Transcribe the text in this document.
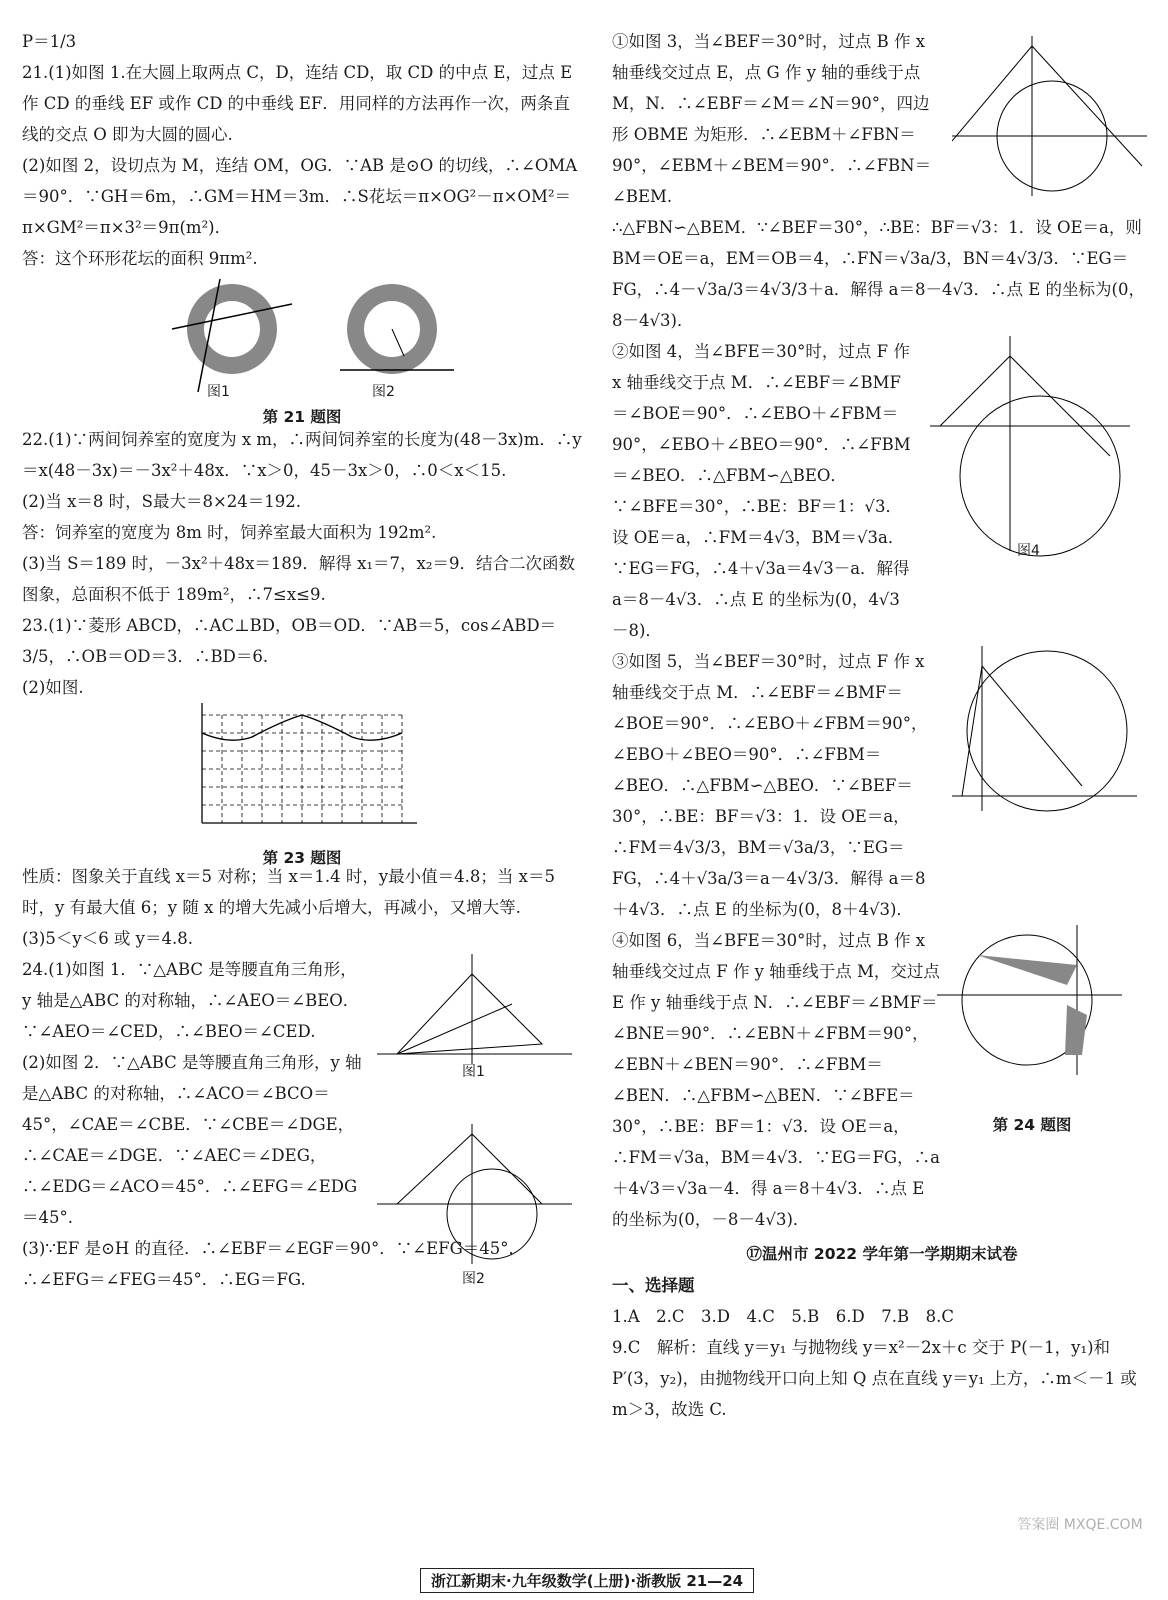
P＝1/3

21.(1)如图 1.在大圆上取两点 C，D，连结 CD，取 CD 的中点 E，过点 E 作 CD 的垂线 EF 或作 CD 的中垂线 EF．用同样的方法再作一次，两条直线的交点 O 即为大圆的圆心.

(2)如图 2，设切点为 M，连结 OM，OG．∵AB 是⊙O 的切线，∴∠OMA＝90°．∵GH＝6m，∴GM＝HM＝3m．∴S花坛＝π×OG²－π×OM²＝π×GM²＝π×3²＝9π(m²)．

答：这个环形花坛的面积 9πm².

图1	图2
第 21 题图

22.(1)∵两间饲养室的宽度为 x m，∴两间饲养室的长度为(48－3x)m．∴y＝x(48－3x)＝－3x²＋48x．∵x＞0，45－3x＞0，∴0＜x＜15.

(2)当 x＝8 时，S最大＝8×24＝192.

答：饲养室的宽度为 8m 时，饲养室最大面积为 192m².

(3)当 S＝189 时，－3x²＋48x＝189．解得 x₁＝7，x₂＝9．结合二次函数图象，总面积不低于 189m²，∴7≤x≤9.

23.(1)∵菱形 ABCD，∴AC⊥BD，OB＝OD．∵AB＝5，cos∠ABD＝3/5，∴OB＝OD＝3．∴BD＝6.

(2)如图.

第 23 题图

性质：图象关于直线 x＝5 对称；当 x＝1.4 时，y最小值＝4.8；当 x＝5 时，y 有最大值 6；y 随 x 的增大先减小后增大，再减小，又增大等.

(3)5＜y＜6 或 y＝4.8.

24.(1)如图 1．∵△ABC 是等腰直角三角形，y 轴是△ABC 的对称轴，∴∠AEO＝∠BEO．∵∠AEO＝∠CED，∴∠BEO＝∠CED.

(2)如图 2．∵△ABC 是等腰直角三角形，y 轴是△ABC 的对称轴，∴∠ACO＝∠BCO＝45°，∠CAE＝∠CBE．∵∠CBE＝∠DGE，∴∠CAE＝∠DGE．∵∠AEC＝∠DEG，∴∠EDG＝∠ACO＝45°．∴∠EFG＝∠EDG＝45°.

(3)∵EF 是⊙H 的直径．∴∠EBF＝∠EGF＝90°．∵∠EFG＝45°．∴∠EFG＝∠FEG＝45°．∴EG＝FG.

图1
图2

①如图 3，当∠BEF＝30°时，过点 B 作 x 轴垂线交过点 E，点 G 作 y 轴的垂线于点 M，N．∴∠EBF＝∠M＝∠N＝90°，四边形 OBME 为矩形．∴∠EBM＋∠FBN＝90°，∠EBM＋∠BEM＝90°．∴∠FBN＝∠BEM.

∴△FBN∽△BEM．∵∠BEF＝30°，∴BE：BF＝√3：1．设 OE＝a，则 BM＝OE＝a，EM＝OB＝4，∴FN＝√3a/3，BN＝4√3/3．∵EG＝FG，∴4－√3a/3＝4√3/3＋a．解得 a＝8－4√3．∴点 E 的坐标为(0，8－4√3)．

②如图 4，当∠BFE＝30°时，过点 F 作 x 轴垂线交于点 M．∴∠EBF＝∠BMF＝∠BOE＝90°．∴∠EBO＋∠FBM＝90°，∠EBO＋∠BEO＝90°．∴∠FBM＝∠BEO．∴△FBM∽△BEO．∵∠BFE＝30°，∴BE：BF＝1：√3．设 OE＝a，∴FM＝4√3，BM＝√3a．∵EG＝FG，∴4＋√3a＝4√3－a．解得 a＝8－4√3．∴点 E 的坐标为(0，4√3－8)．

图4

③如图 5，当∠BEF＝30°时，过点 F 作 x 轴垂线交于点 M．∴∠EBF＝∠BMF＝∠BOE＝90°．∴∠EBO＋∠FBM＝90°，∠EBO＋∠BEO＝90°．∴∠FBM＝∠BEO．∴△FBM∽△BEO．∵∠BEF＝30°，∴BE：BF＝√3：1．设 OE＝a，∴FM＝4√3/3，BM＝√3a/3，∵EG＝FG，∴4＋√3a/3＝a－4√3/3．解得 a＝8＋4√3．∴点 E 的坐标为(0，8＋4√3)．

④如图 6，当∠BFE＝30°时，过点 B 作 x 轴垂线交过点 F 作 y 轴垂线于点 M，交过点 E 作 y 轴垂线于点 N．∴∠EBF＝∠BMF＝∠BNE＝90°．∴∠EBN＋∠FBM＝90°，∠EBN＋∠BEN＝90°．∴∠FBM＝∠BEN．∴△FBM∽△BEN．∵∠BFE＝30°，∴BE：BF＝1：√3．设 OE＝a，∴FM＝√3a，BM＝4√3．∵EG＝FG，∴a＋4√3＝√3a－4．得 a＝8＋4√3．∴点 E 的坐标为(0，－8－4√3)．

第 24 题图

⑰温州市 2022 学年第一学期期末试卷

一、选择题

1.A　2.C　3.D　4.C　5.B　6.D　7.B　8.C

9.C　解析：直线 y＝y₁ 与抛物线 y＝x²－2x＋c 交于 P(－1，y₁)和 P′(3，y₂)，由抛物线开口向上知 Q 点在直线 y＝y₁ 上方，∴m＜－1 或 m＞3，故选 C.

浙江新期末·九年级数学(上册)·浙教版 21—24
答案圈 MXQE.COM
